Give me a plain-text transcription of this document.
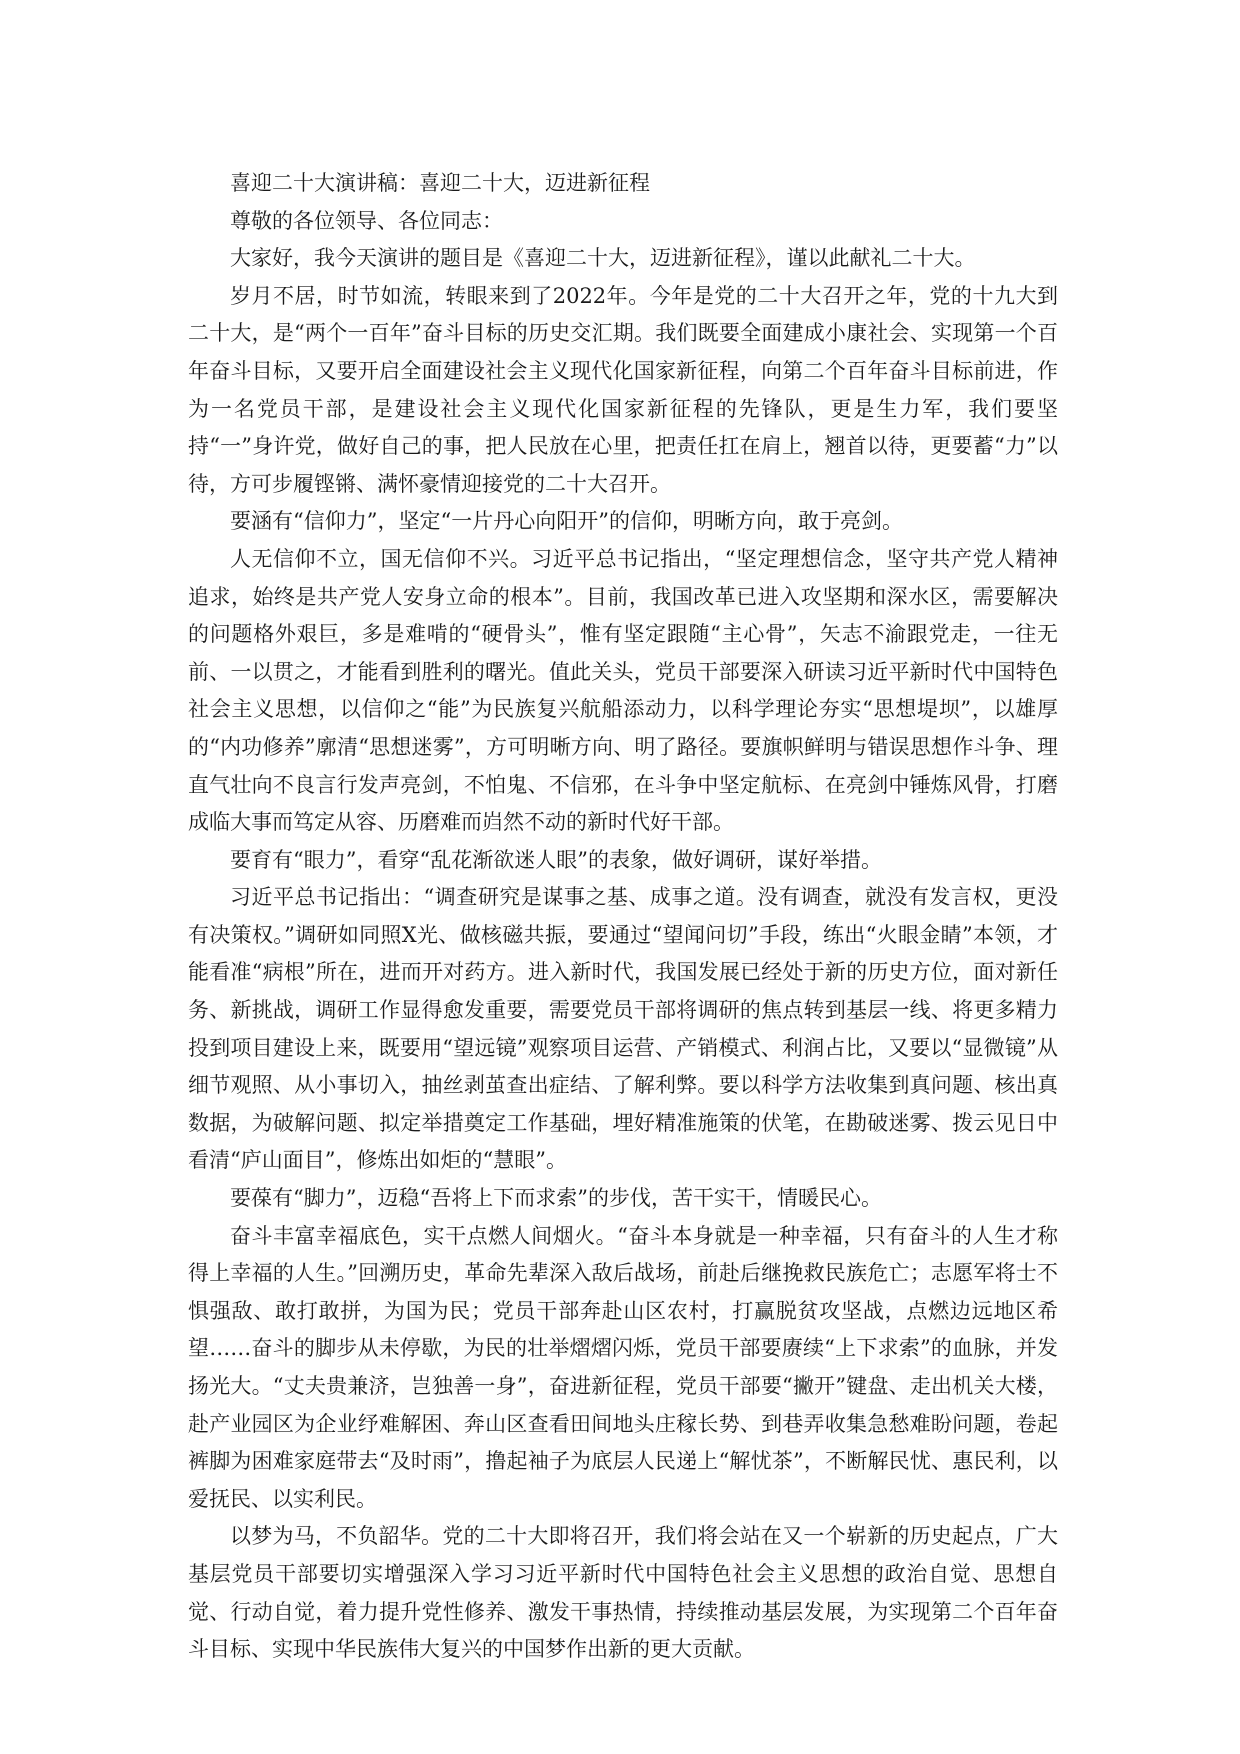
喜迎二十大演讲稿：喜迎二十大，迈进新征程

尊敬的各位领导、各位同志：

大家好，我今天演讲的题目是《喜迎二十大，迈进新征程》，谨以此献礼二十大。

岁月不居，时节如流，转眼来到了2022年。今年是党的二十大召开之年，党的十九大到二十大，是“两个一百年”奋斗目标的历史交汇期。我们既要全面建成小康社会、实现第一个百年奋斗目标，又要开启全面建设社会主义现代化国家新征程，向第二个百年奋斗目标前进，作为一名党员干部，是建设社会主义现代化国家新征程的先锋队，更是生力军，我们要坚持“一”身许党，做好自己的事，把人民放在心里，把责任扛在肩上，翘首以待，更要蓄“力”以待，方可步履铿锵、满怀豪情迎接党的二十大召开。

要涵有“信仰力”，坚定“一片丹心向阳开”的信仰，明晰方向，敢于亮剑。

人无信仰不立，国无信仰不兴。习近平总书记指出，“坚定理想信念，坚守共产党人精神追求，始终是共产党人安身立命的根本”。目前，我国改革已进入攻坚期和深水区，需要解决的问题格外艰巨，多是难啃的“硬骨头”，惟有坚定跟随“主心骨”，矢志不渝跟党走，一往无前、一以贯之，才能看到胜利的曙光。值此关头，党员干部要深入研读习近平新时代中国特色社会主义思想，以信仰之“能”为民族复兴航船添动力，以科学理论夯实“思想堤坝”，以雄厚的“内功修养”廓清“思想迷雾”，方可明晰方向、明了路径。要旗帜鲜明与错误思想作斗争、理直气壮向不良言行发声亮剑，不怕鬼、不信邪，在斗争中坚定航标、在亮剑中锤炼风骨，打磨成临大事而笃定从容、历磨难而岿然不动的新时代好干部。

要育有“眼力”，看穿“乱花渐欲迷人眼”的表象，做好调研，谋好举措。

习近平总书记指出：“调查研究是谋事之基、成事之道。没有调查，就没有发言权，更没有决策权。”调研如同照X光、做核磁共振，要通过“望闻问切”手段，练出“火眼金睛”本领，才能看准“病根”所在，进而开对药方。进入新时代，我国发展已经处于新的历史方位，面对新任务、新挑战，调研工作显得愈发重要，需要党员干部将调研的焦点转到基层一线、将更多精力投到项目建设上来，既要用“望远镜”观察项目运营、产销模式、利润占比，又要以“显微镜”从细节观照、从小事切入，抽丝剥茧查出症结、了解利弊。要以科学方法收集到真问题、核出真数据，为破解问题、拟定举措奠定工作基础，埋好精准施策的伏笔，在勘破迷雾、拨云见日中看清“庐山面目”，修炼出如炬的“慧眼”。

要葆有“脚力”，迈稳“吾将上下而求索”的步伐，苦干实干，情暖民心。

奋斗丰富幸福底色，实干点燃人间烟火。“奋斗本身就是一种幸福，只有奋斗的人生才称得上幸福的人生。”回溯历史，革命先辈深入敌后战场，前赴后继挽救民族危亡；志愿军将士不惧强敌、敢打敢拼，为国为民；党员干部奔赴山区农村，打赢脱贫攻坚战，点燃边远地区希望……奋斗的脚步从未停歇，为民的壮举熠熠闪烁，党员干部要赓续“上下求索”的血脉，并发扬光大。“丈夫贵兼济，岂独善一身”，奋进新征程，党员干部要“撇开”键盘、走出机关大楼，赴产业园区为企业纾难解困、奔山区查看田间地头庄稼长势、到巷弄收集急愁难盼问题，卷起裤脚为困难家庭带去“及时雨”，撸起袖子为底层人民递上“解忧茶”，不断解民忧、惠民利，以爱抚民、以实利民。

以梦为马，不负韶华。党的二十大即将召开，我们将会站在又一个崭新的历史起点，广大基层党员干部要切实增强深入学习习近平新时代中国特色社会主义思想的政治自觉、思想自觉、行动自觉，着力提升党性修养、激发干事热情，持续推动基层发展，为实现第二个百年奋斗目标、实现中华民族伟大复兴的中国梦作出新的更大贡献。
